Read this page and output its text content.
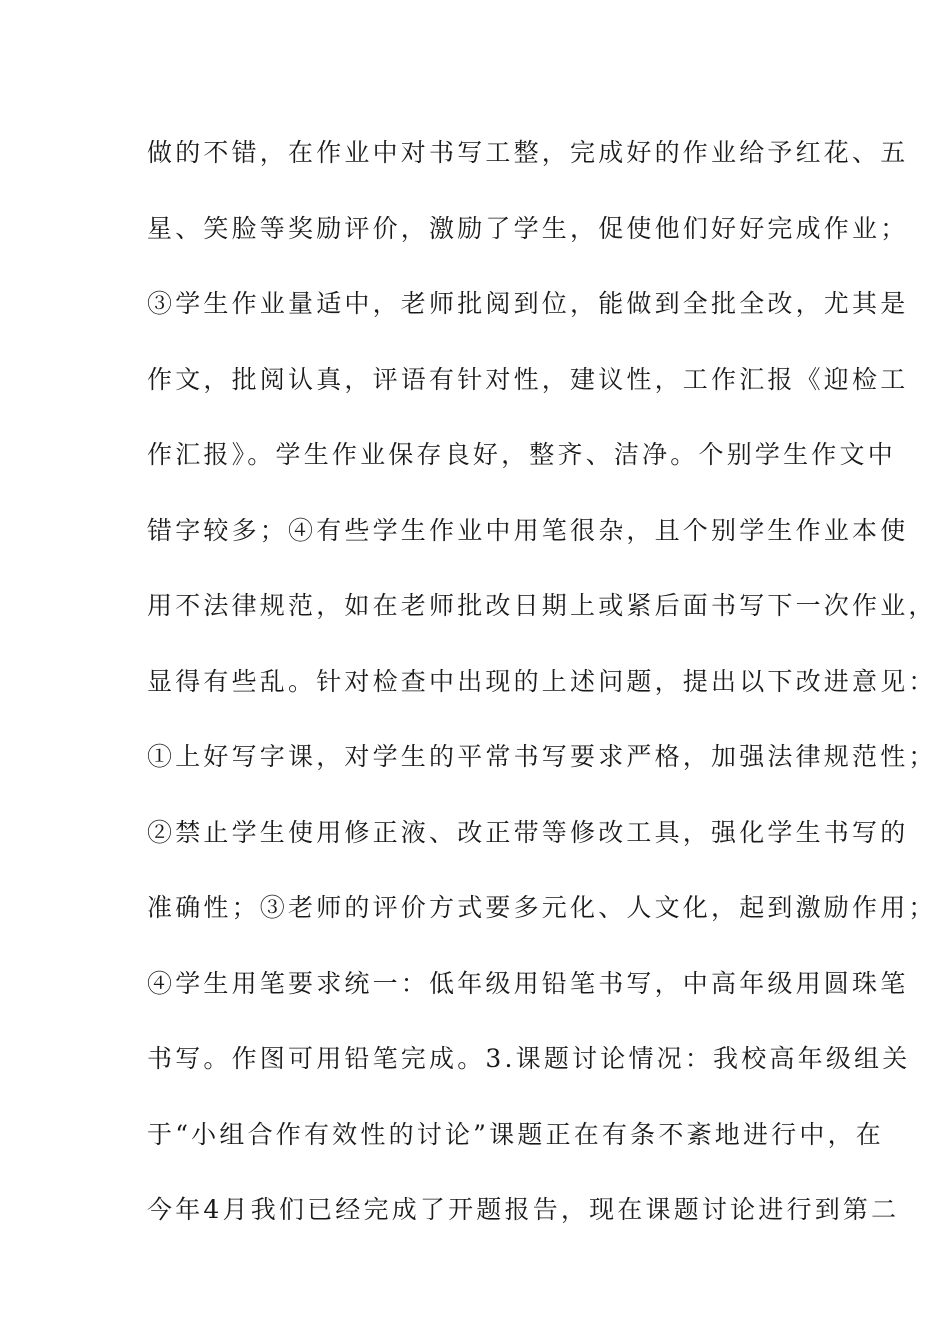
做的不错，在作业中对书写工整，完成好的作业给予红花、五
星、笑脸等奖励评价，激励了学生，促使他们好好完成作业；
③学生作业量适中，老师批阅到位，能做到全批全改，尤其是
作文，批阅认真，评语有针对性，建议性，工作汇报《迎检工
作汇报》。学生作业保存良好，整齐、洁净。个别学生作文中
错字较多；④有些学生作业中用笔很杂，且个别学生作业本使
用不法律规范，如在老师批改日期上或紧后面书写下一次作业，
显得有些乱。针对检查中出现的上述问题，提出以下改进意见：
①上好写字课，对学生的平常书写要求严格，加强法律规范性；
②禁止学生使用修正液、改正带等修改工具，强化学生书写的
准确性；③老师的评价方式要多元化、人文化，起到激励作用；
④学生用笔要求统一：低年级用铅笔书写，中高年级用圆珠笔
书写。作图可用铅笔完成。3.课题讨论情况：我校高年级组关
于“小组合作有效性的讨论”课题正在有条不紊地进行中，在
今年4月我们已经完成了开题报告，现在课题讨论进行到第二
